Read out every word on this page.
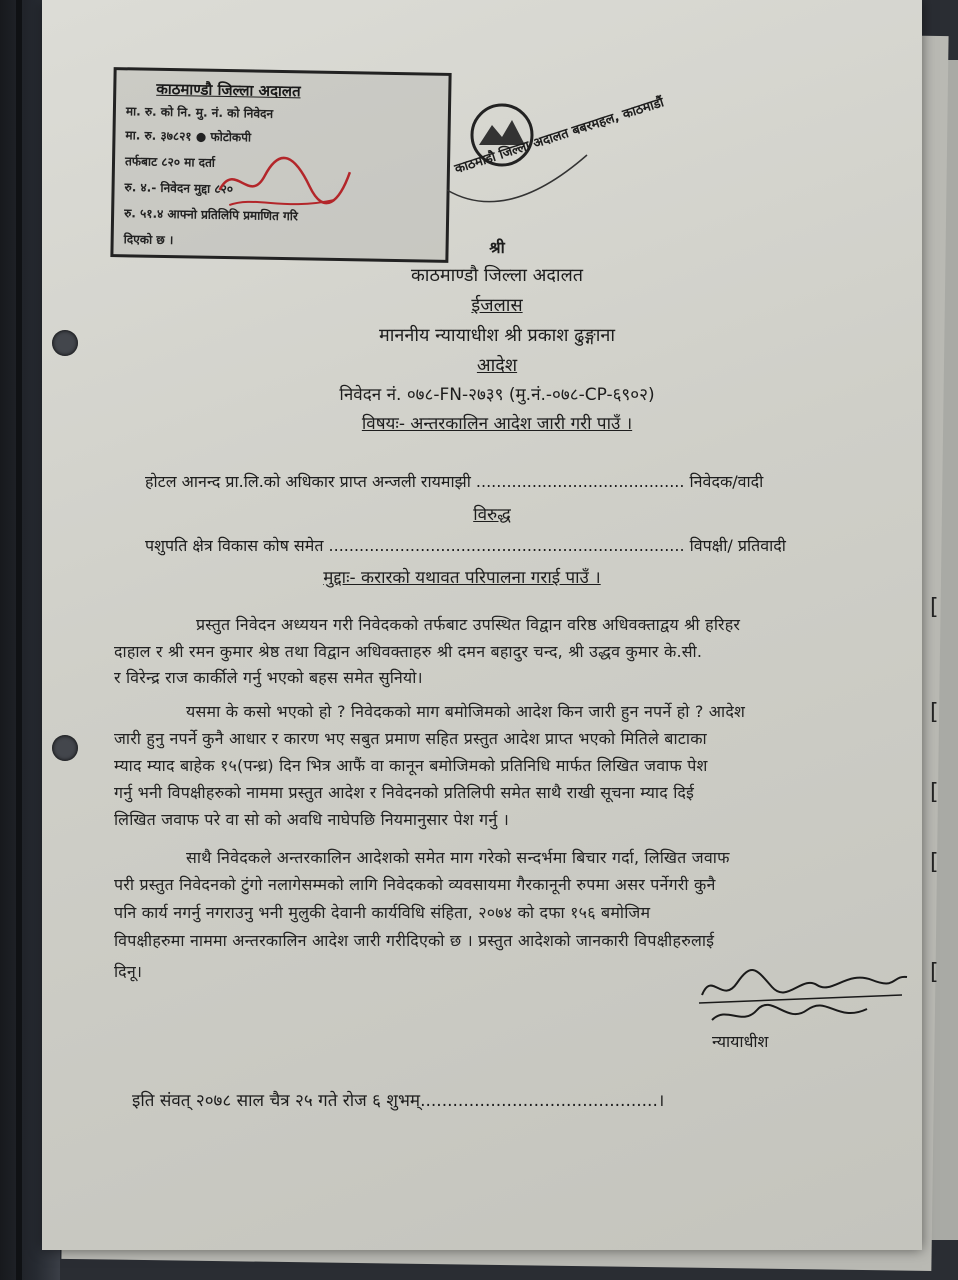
काठमाण्डौ जिल्ला अदालत
मा. रु. को नि. मु. नं. को निवेदन
मा. रु. ३७८२१ ● फोटोकपी
तर्फबाट ८२० मा दर्ता
रु. ४.- निवेदन मुद्दा ८२०
रु. ५१.४ आफ्नो प्रतिलिपि प्रमाणित गरि
दिएको छ ।
काठमाडौ जिल्ला अदालत बबरमहल, काठमाडौं
श्री
काठमाण्डौ जिल्ला अदालत
ईजलास
माननीय न्यायाधीश श्री प्रकाश ढुङ्गाना
आदेश
निवेदन नं. ०७८-FN-२७३९ (मु.नं.-०७८-CP-६९०२)
विषयः- अन्तरकालिन आदेश जारी गरी पाउँ ।
होटल आनन्द प्रा.लि.को अधिकार प्राप्त अन्जली रायमाझी ......................................... निवेदक/वादी
विरुद्ध
पशुपति क्षेत्र विकास कोष समेत ...................................................................... विपक्षी/ प्रतिवादी
मुद्दाः- करारको यथावत परिपालना गराई पाउँ ।
प्रस्तुत निवेदन अध्ययन गरी निवेदकको तर्फबाट उपस्थित विद्वान वरिष्ठ अधिवक्ताद्वय श्री हरिहर
दाहाल र श्री रमन कुमार श्रेष्ठ तथा विद्वान अधिवक्ताहरु श्री दमन बहादुर चन्द, श्री उद्धव कुमार के.सी.
र विरेन्द्र राज कार्कीले गर्नु भएको बहस समेत सुनियो।
यसमा के कसो भएको हो ? निवेदकको माग बमोजिमको आदेश किन जारी हुन नपर्ने हो ? आदेश
जारी हुनु नपर्ने कुनै आधार र कारण भए सबुत प्रमाण सहित प्रस्तुत आदेश प्राप्त भएको मितिले बाटाका
म्याद म्याद बाहेक १५(पन्ध्र) दिन भित्र आफैं वा कानून बमोजिमको प्रतिनिधि मार्फत लिखित जवाफ पेश
गर्नु भनी विपक्षीहरुको नाममा प्रस्तुत आदेश र निवेदनको प्रतिलिपी समेत साथै राखी सूचना म्याद दिई
लिखित जवाफ परे वा सो को अवधि नाघेपछि नियमानुसार पेश गर्नु ।
साथै निवेदकले अन्तरकालिन आदेशको समेत माग गरेको सन्दर्भमा बिचार गर्दा, लिखित जवाफ
परी प्रस्तुत निवेदनको टुंगो नलागेसम्मको लागि निवेदकको व्यवसायमा गैरकानूनी रुपमा असर पर्नेगरी कुनै
पनि कार्य नगर्नु नगराउनु भनी मुलुकी देवानी कार्यविधि संहिता, २०७४ को दफा १५६ बमोजिम
विपक्षीहरुमा नाममा अन्तरकालिन आदेश जारी गरीदिएको छ । प्रस्तुत आदेशको जानकारी विपक्षीहरुलाई
दिनू।
न्यायाधीश
इति संवत् २०७८ साल चैत्र २५ गते रोज ६ शुभम्............................................।
[
[
[
[
[
